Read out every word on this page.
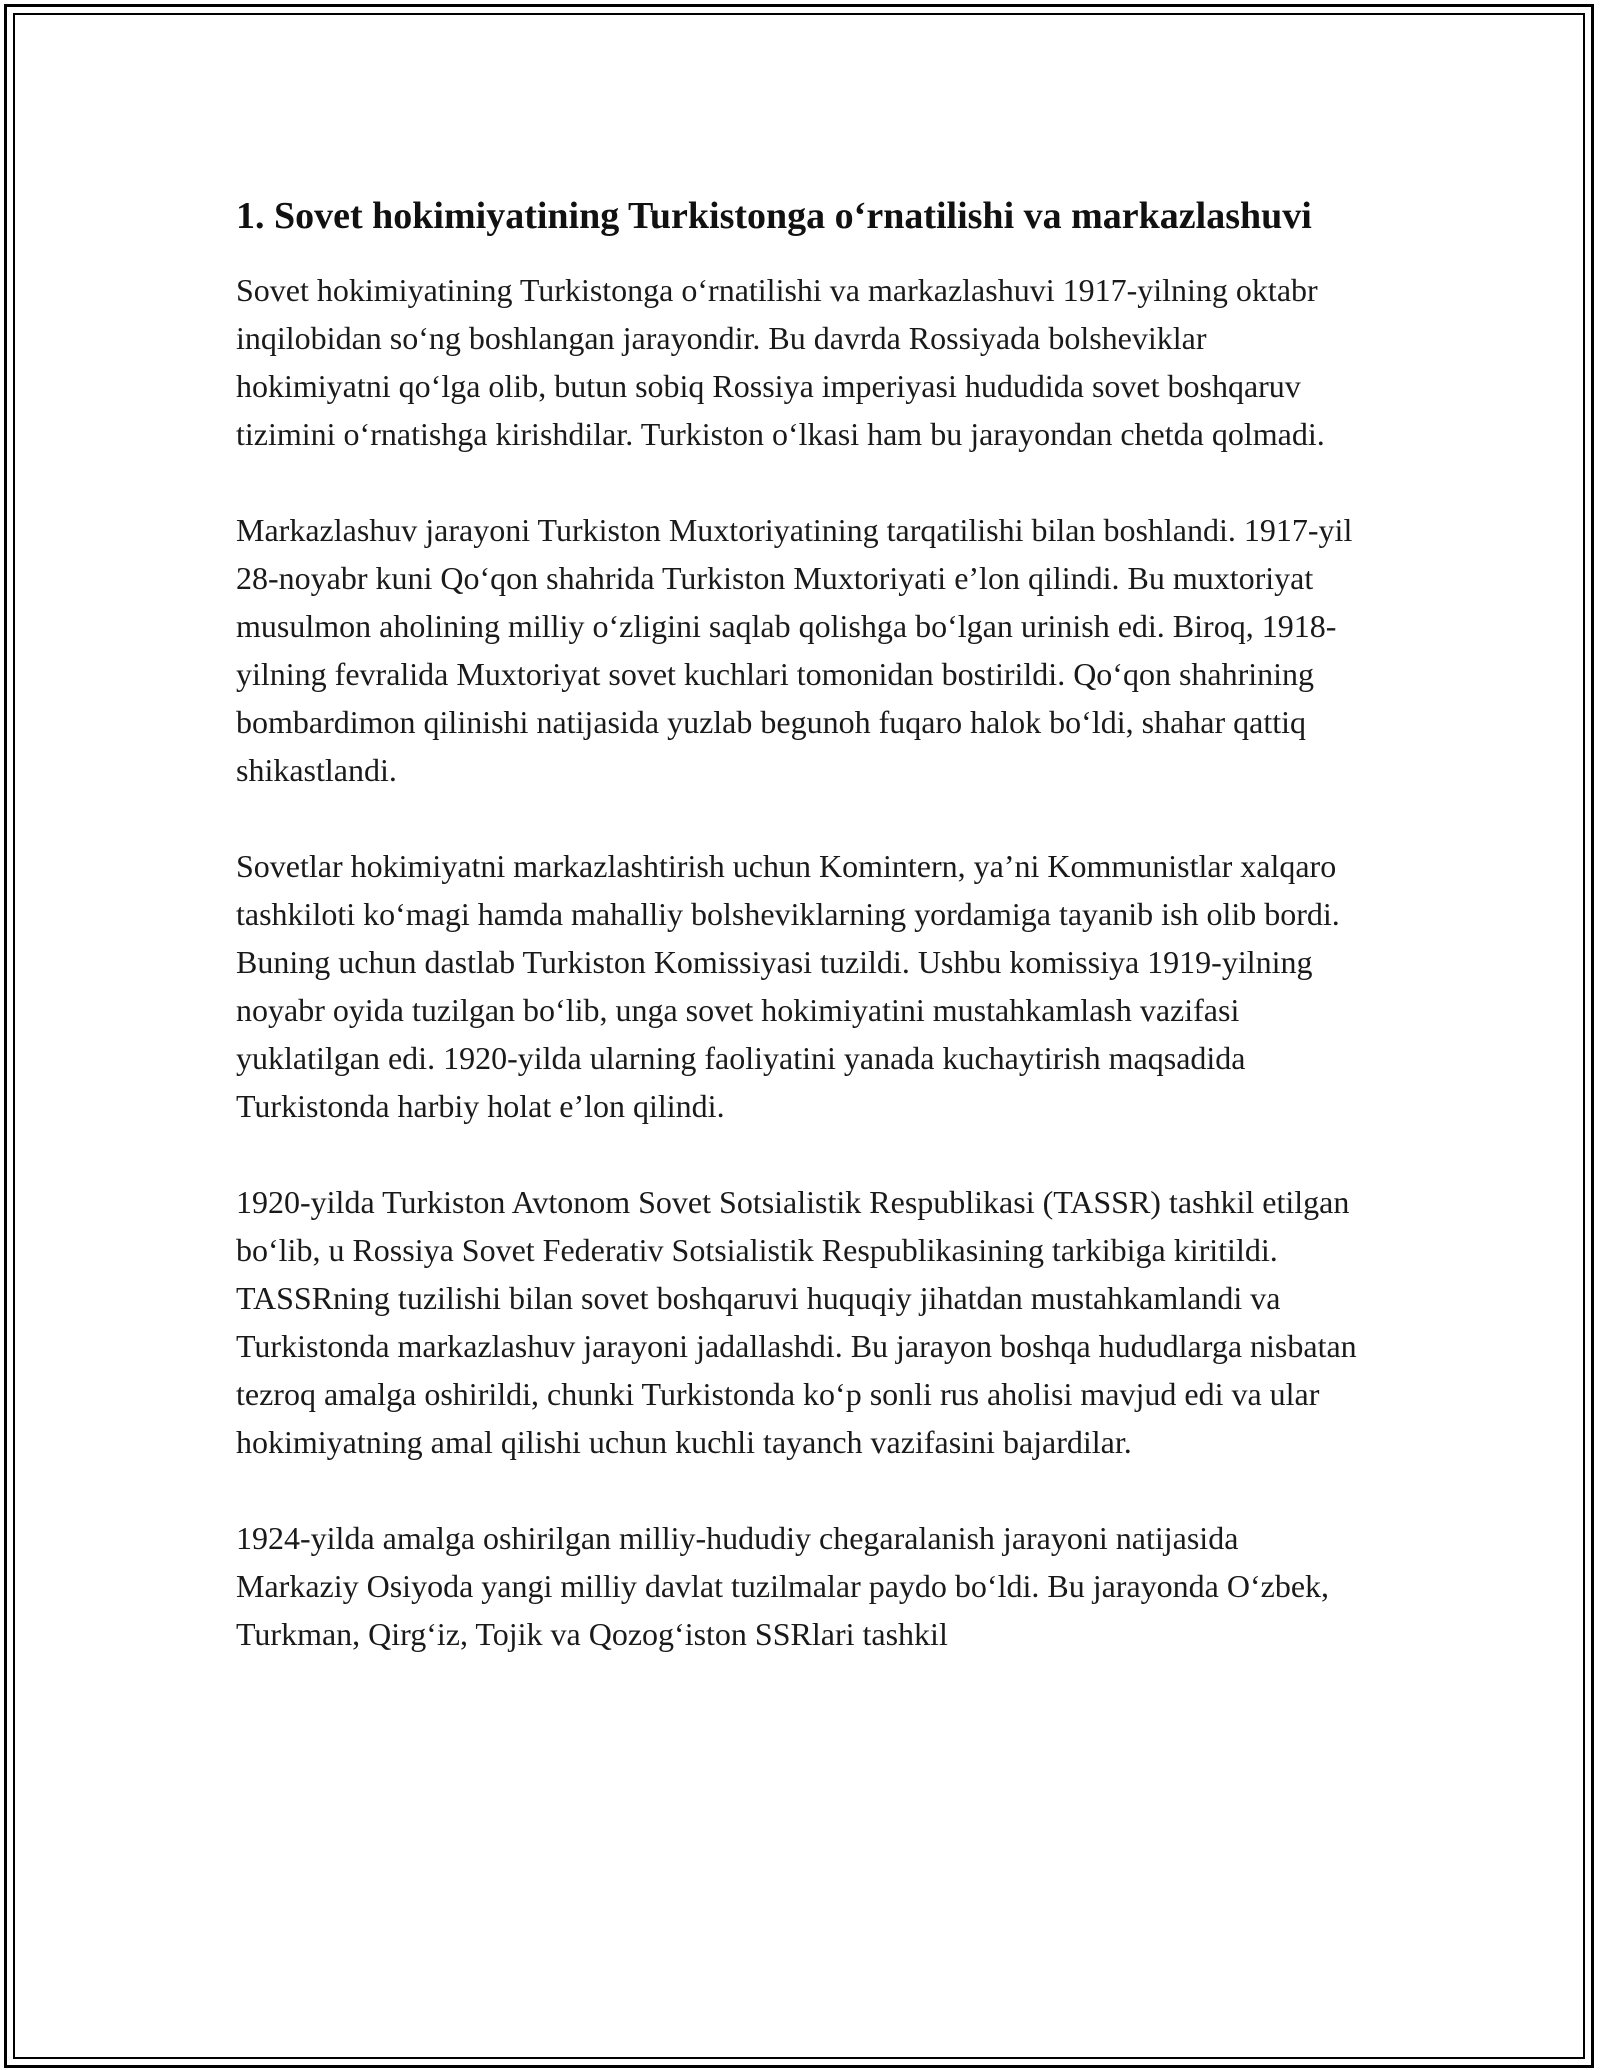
1. Sovet hokimiyatining Turkistonga oʻrnatilishi va markazlashuvi

Sovet hokimiyatining Turkistonga oʻrnatilishi va markazlashuvi 1917-yilning oktabr inqilobidan soʻng boshlangan jarayondir. Bu davrda Rossiyada bolsheviklar hokimiyatni qoʻlga olib, butun sobiq Rossiya imperiyasi hududida sovet boshqaruv tizimini oʻrnatishga kirishdilar. Turkiston oʻlkasi ham bu jarayondan chetda qolmadi.

Markazlashuv jarayoni Turkiston Muxtoriyatining tarqatilishi bilan boshlandi. 1917-yil 28-noyabr kuni Qoʻqon shahrida Turkiston Muxtoriyati e’lon qilindi. Bu muxtoriyat musulmon aholining milliy oʻzligini saqlab qolishga boʻlgan urinish edi. Biroq, 1918-yilning fevralida Muxtoriyat sovet kuchlari tomonidan bostirildi. Qoʻqon shahrining bombardimon qilinishi natijasida yuzlab begunoh fuqaro halok boʻldi, shahar qattiq shikastlandi.

Sovetlar hokimiyatni markazlashtirish uchun Komintern, ya’ni Kommunistlar xalqaro tashkiloti koʻmagi hamda mahalliy bolsheviklarning yordamiga tayanib ish olib bordi. Buning uchun dastlab Turkiston Komissiyasi tuzildi. Ushbu komissiya 1919-yilning noyabr oyida tuzilgan boʻlib, unga sovet hokimiyatini mustahkamlash vazifasi yuklatilgan edi. 1920-yilda ularning faoliyatini yanada kuchaytirish maqsadida Turkistonda harbiy holat e’lon qilindi.

1920-yilda Turkiston Avtonom Sovet Sotsialistik Respublikasi (TASSR) tashkil etilgan boʻlib, u Rossiya Sovet Federativ Sotsialistik Respublikasining tarkibiga kiritildi. TASSRning tuzilishi bilan sovet boshqaruvi huquqiy jihatdan mustahkamlandi va Turkistonda markazlashuv jarayoni jadallashdi. Bu jarayon boshqa hududlarga nisbatan tezroq amalga oshirildi, chunki Turkistonda koʻp sonli rus aholisi mavjud edi va ular hokimiyatning amal qilishi uchun kuchli tayanch vazifasini bajardilar.

1924-yilda amalga oshirilgan milliy-hududiy chegaralanish jarayoni natijasida Markaziy Osiyoda yangi milliy davlat tuzilmalar paydo boʻldi. Bu jarayonda Oʻzbek, Turkman, Qirgʻiz, Tojik va Qozogʻiston SSRlari tashkil
